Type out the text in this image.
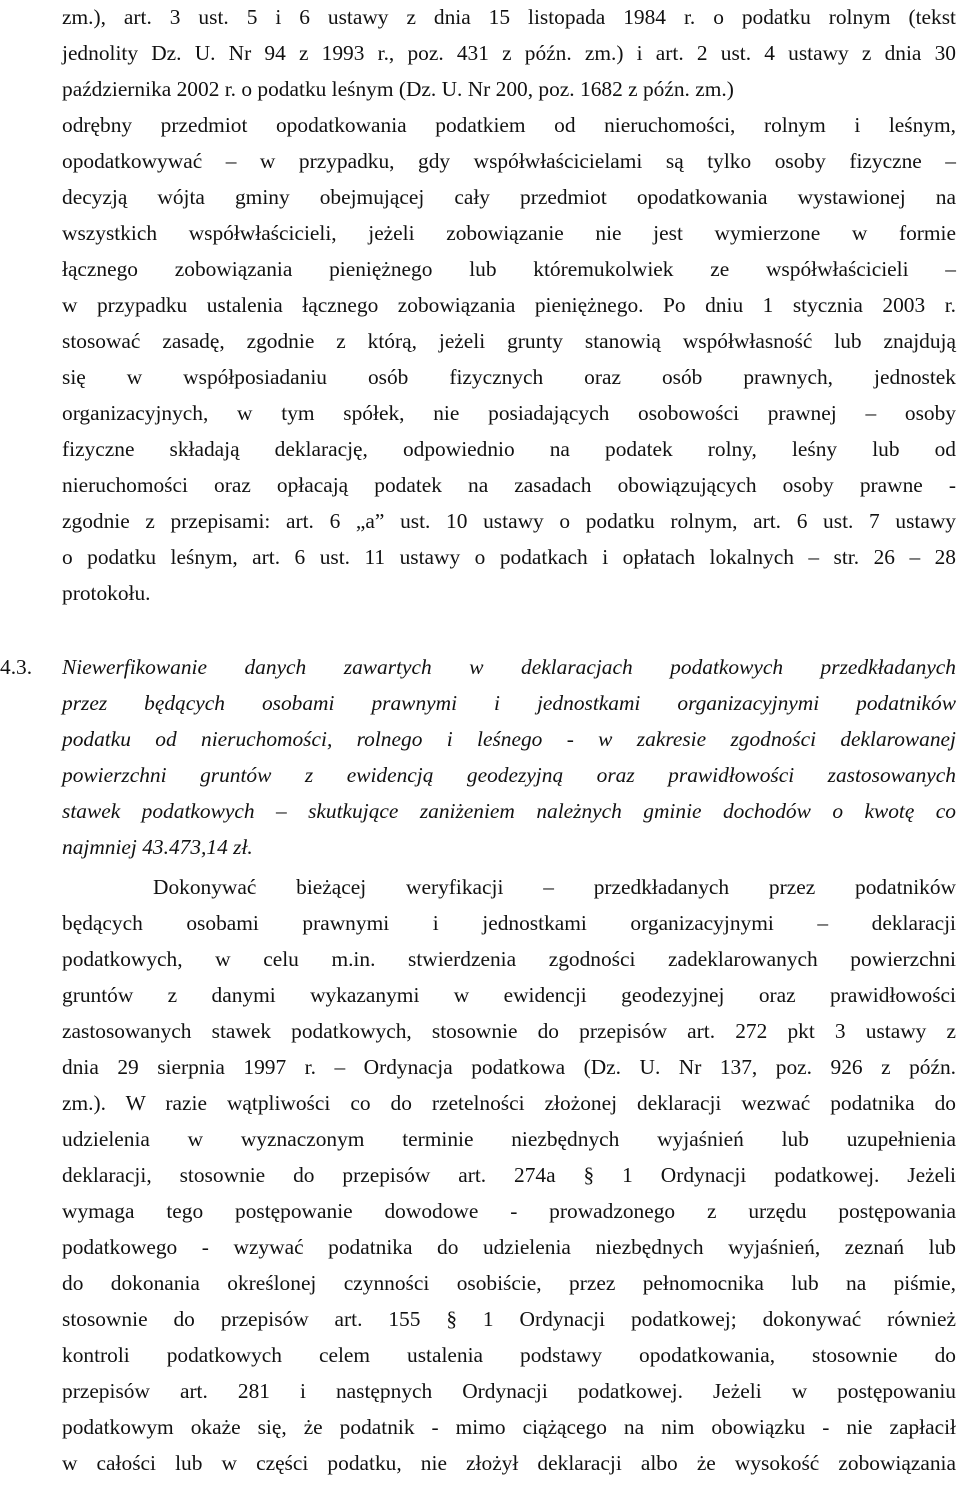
zm.), art. 3 ust. 5 i 6 ustawy z dnia 15 listopada 1984 r. o podatku rolnym (tekst
jednolity Dz. U. Nr 94 z 1993 r., poz. 431 z późn. zm.) i art. 2 ust. 4 ustawy z dnia 30
października 2002 r. o podatku leśnym (Dz. U. Nr 200, poz. 1682 z późn. zm.)
odrębny przedmiot opodatkowania podatkiem od nieruchomości, rolnym i leśnym,
opodatkowywać – w przypadku, gdy współwłaścicielami są tylko osoby fizyczne –
decyzją wójta gminy obejmującej cały przedmiot opodatkowania wystawionej na
wszystkich współwłaścicieli, jeżeli zobowiązanie nie jest wymierzone w formie
łącznego zobowiązania pieniężnego lub któremukolwiek ze współwłaścicieli –
w przypadku ustalenia łącznego zobowiązania pieniężnego. Po dniu 1 stycznia 2003 r.
stosować zasadę, zgodnie z którą, jeżeli grunty stanowią współwłasność lub znajdują
się w współposiadaniu osób fizycznych oraz osób prawnych, jednostek
organizacyjnych, w tym spółek, nie posiadających osobowości prawnej – osoby
fizyczne składają deklarację, odpowiednio na podatek rolny, leśny lub od
nieruchomości oraz opłacają podatek na zasadach obowiązujących osoby prawne -
zgodnie z przepisami: art. 6 „a” ust. 10 ustawy o podatku rolnym, art. 6 ust. 7 ustawy
o podatku leśnym, art. 6 ust. 11 ustawy o podatkach i opłatach lokalnych – str. 26 – 28
protokołu.
4.3. Niewerfikowanie danych zawartych w deklaracjach podatkowych przedkładanych
przez będących osobami prawnymi i jednostkami organizacyjnymi podatników
podatku od nieruchomości, rolnego i leśnego - w zakresie zgodności deklarowanej
powierzchni gruntów z ewidencją geodezyjną oraz prawidłowości zastosowanych
stawek podatkowych – skutkujące zaniżeniem należnych gminie dochodów o kwotę co
najmniej 43.473,14 zł.
Dokonywać bieżącej weryfikacji – przedkładanych przez podatników
będących osobami prawnymi i jednostkami organizacyjnymi – deklaracji
podatkowych, w celu m.in. stwierdzenia zgodności zadeklarowanych powierzchni
gruntów z danymi wykazanymi w ewidencji geodezyjnej oraz prawidłowości
zastosowanych stawek podatkowych, stosownie do przepisów art. 272 pkt 3 ustawy z
dnia 29 sierpnia 1997 r. – Ordynacja podatkowa (Dz. U. Nr 137, poz. 926 z późn.
zm.). W razie wątpliwości co do rzetelności złożonej deklaracji wezwać podatnika do
udzielenia w wyznaczonym terminie niezbędnych wyjaśnień lub uzupełnienia
deklaracji, stosownie do przepisów art. 274a § 1 Ordynacji podatkowej. Jeżeli
wymaga tego postępowanie dowodowe - prowadzonego z urzędu postępowania
podatkowego - wzywać podatnika do udzielenia niezbędnych wyjaśnień, zeznań lub
do dokonania określonej czynności osobiście, przez pełnomocnika lub na piśmie,
stosownie do przepisów art. 155 § 1 Ordynacji podatkowej; dokonywać również
kontroli podatkowych celem ustalenia podstawy opodatkowania, stosownie do
przepisów art. 281 i następnych Ordynacji podatkowej. Jeżeli w postępowaniu
podatkowym okaże się, że podatnik - mimo ciążącego na nim obowiązku - nie zapłacił
w całości lub w części podatku, nie złożył deklaracji albo że wysokość zobowiązania
